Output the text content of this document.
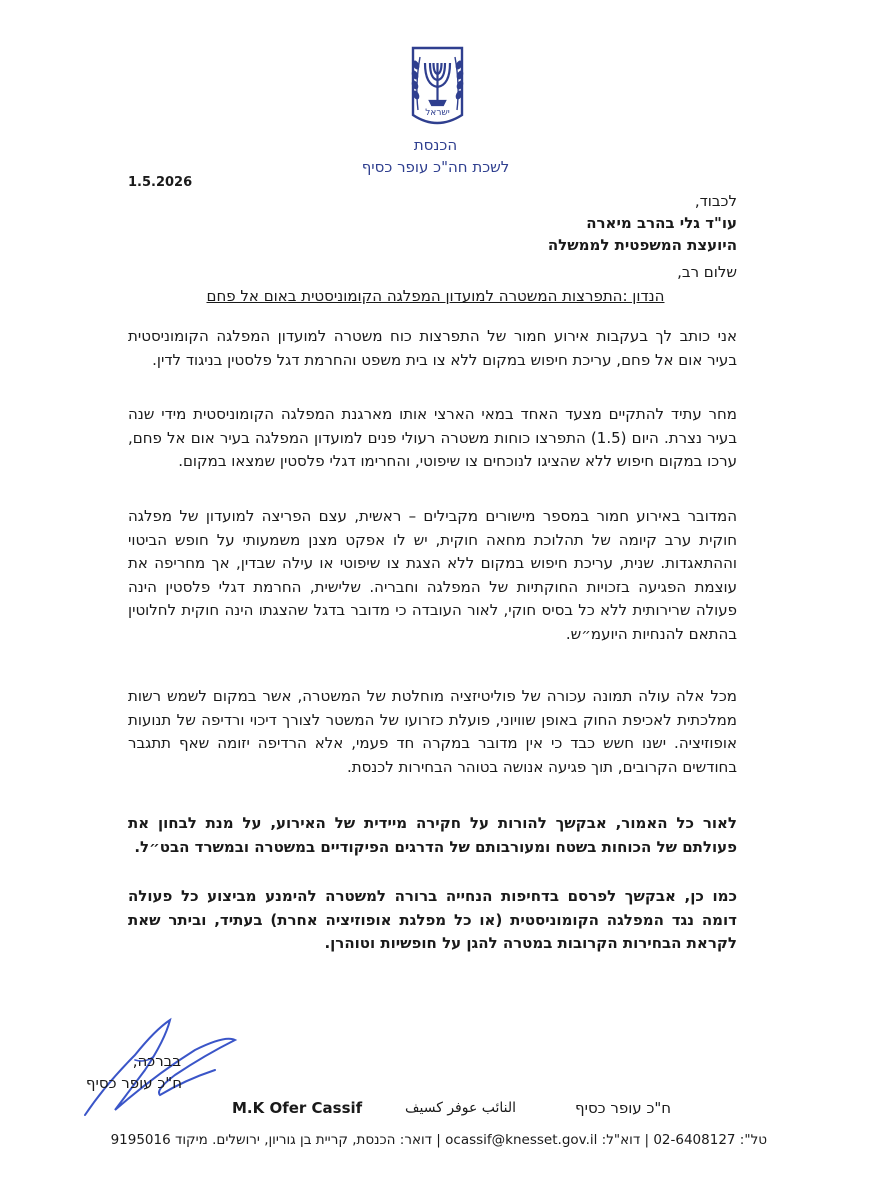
ישראל
הכנסת
לשכת חה"כ עופר כסיף
1.5.2026
לכבוד,
עו"ד גלי בהרב מיארה
היועצת המשפטית לממשלה
שלום רב,
הנדון :התפרצות המשטרה למועדון המפלגה הקומוניסטית באום אל פחם
אני כותב לך בעקבות אירוע חמור של התפרצות כוח משטרה למועדון המפלגה הקומוניסטית בעיר אום אל פחם, עריכת חיפוש במקום ללא צו בית משפט והחרמת דגל פלסטין בניגוד לדין.
מחר עתיד להתקיים מצעד האחד במאי הארצי אותו מארגנת המפלגה הקומוניסטית מידי שנה בעיר נצרת. היום (1.5) התפרצו כוחות משטרה רעולי פנים למועדון המפלגה בעיר אום אל פחם, ערכו במקום חיפוש ללא שהציגו לנוכחים צו שיפוטי, והחרימו דגלי פלסטין שמצאו במקום.
המדובר באירוע חמור במספר מישורים מקבילים – ראשית, עצם הפריצה למועדון של מפלגה חוקית ערב קיומה של תהלוכת מחאה חוקית, יש לו אפקט מצנן משמעותי על חופש הביטוי וההתאגדות. שנית, עריכת חיפוש במקום ללא הצגת צו שיפוטי או עילה שבדין, אך מחריפה את עוצמת הפגיעה בזכויות החוקתיות של המפלגה וחבריה. שלישית, החרמת דגלי פלסטין הינה פעולה שרירותית ללא כל בסיס חוקי, לאור העובדה כי מדובר בדגל שהצגתו הינה חוקית לחלוטין בהתאם להנחיות היועמ״ש.
מכל אלה עולה תמונה עכורה של פוליטיזציה מוחלטת של המשטרה, אשר במקום לשמש רשות ממלכתית לאכיפת החוק באופן שוויוני, פועלת כזרועו של המשטר לצורך דיכוי ורדיפה של תנועות אופוזיציה. ישנו חשש כבד כי אין מדובר במקרה חד פעמי, אלא הרדיפה יזומה שאף תתגבר בחודשים הקרובים, תוך פגיעה אנושה בטוהר הבחירות לכנסת.
לאור כל האמור, אבקשך להורות על חקירה מיידית של האירוע, על מנת לבחון את פעולתם של הכוחות בשטח ומעורבותם של הדרגים הפיקודיים במשטרה ובמשרד הבט״ל.
כמו כן, אבקשך לפרסם בדחיפות הנחייה ברורה למשטרה להימנע מביצוע כל פעולה דומה נגד המפלגה הקומוניסטית (או כל מפלגת אופוזיציה אחרת) בעתיד, וביתר שאת לקראת הבחירות הקרובות במטרה להגן על חופשיות וטוהרן.
בברכה,
ח"כ עופר כסיף
M.K Ofer Cassif	النائب عوفر كسيف	ח"כ עופר כסיף
טל": 02-6408127 | דוא"ל: ocassif@knesset.gov.il | דואר: הכנסת, קריית בן גוריון, ירושלים. מיקוד 9195016
